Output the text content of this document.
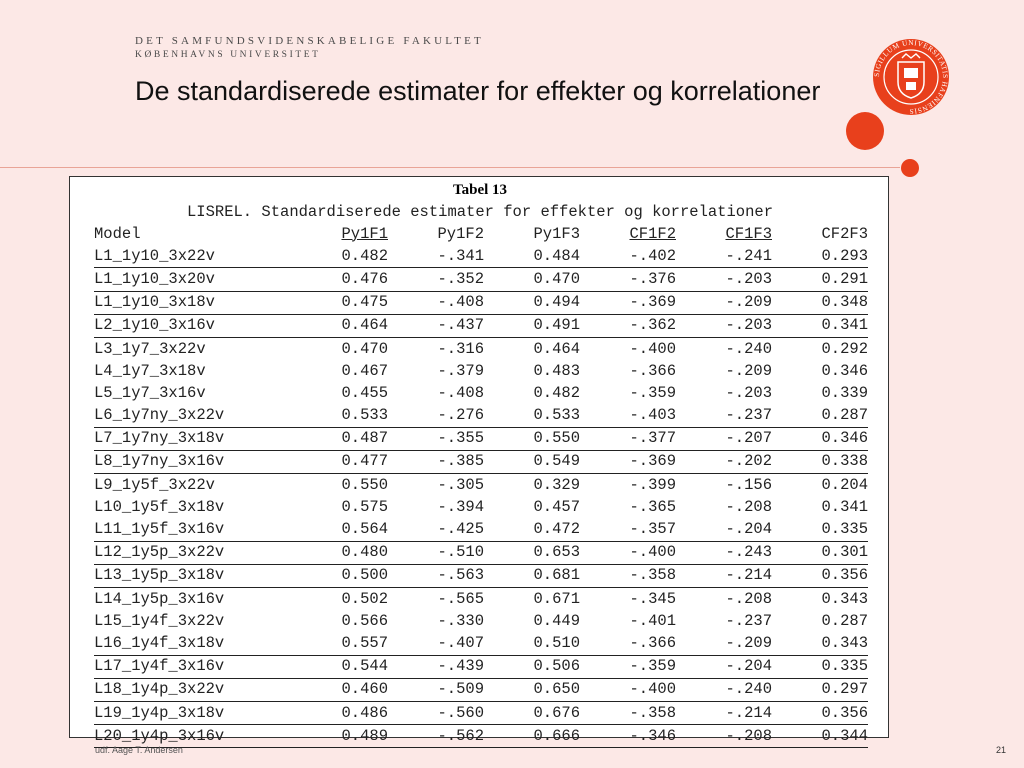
DET SAMFUNDSVIDENSKABELIGE FAKULTET
KØBENHAVNS UNIVERSITET
De standardiserede estimater for effekter og korrelationer
SIGILLUM UNIVERSITATIS HAFNIENSIS
Tabel 13
LISREL. Standardiserede estimater for effekter og korrelationer
Model	Py1F1	Py1F2	Py1F3	CF1F2	CF1F3	CF2F3
L1_1y10_3x22v	0.482	-.341	0.484	-.402	-.241	0.293
L1_1y10_3x20v	0.476	-.352	0.470	-.376	-.203	0.291
L1_1y10_3x18v	0.475	-.408	0.494	-.369	-.209	0.348
L2_1y10_3x16v	0.464	-.437	0.491	-.362	-.203	0.341
L3_1y7_3x22v	0.470	-.316	0.464	-.400	-.240	0.292
L4_1y7_3x18v	0.467	-.379	0.483	-.366	-.209	0.346
L5_1y7_3x16v	0.455	-.408	0.482	-.359	-.203	0.339
L6_1y7ny_3x22v	0.533	-.276	0.533	-.403	-.237	0.287
L7_1y7ny_3x18v	0.487	-.355	0.550	-.377	-.207	0.346
L8_1y7ny_3x16v	0.477	-.385	0.549	-.369	-.202	0.338
L9_1y5f_3x22v	0.550	-.305	0.329	-.399	-.156	0.204
L10_1y5f_3x18v	0.575	-.394	0.457	-.365	-.208	0.341
L11_1y5f_3x16v	0.564	-.425	0.472	-.357	-.204	0.335
L12_1y5p_3x22v	0.480	-.510	0.653	-.400	-.243	0.301
L13_1y5p_3x18v	0.500	-.563	0.681	-.358	-.214	0.356
L14_1y5p_3x16v	0.502	-.565	0.671	-.345	-.208	0.343
L15_1y4f_3x22v	0.566	-.330	0.449	-.401	-.237	0.287
L16_1y4f_3x18v	0.557	-.407	0.510	-.366	-.209	0.343
L17_1y4f_3x16v	0.544	-.439	0.506	-.359	-.204	0.335
L18_1y4p_3x22v	0.460	-.509	0.650	-.400	-.240	0.297
L19_1y4p_3x18v	0.486	-.560	0.676	-.358	-.214	0.356
L20_1y4p_3x16v	0.489	-.562	0.666	-.346	-.208	0.344
udf. Aage T. Andersen	21
